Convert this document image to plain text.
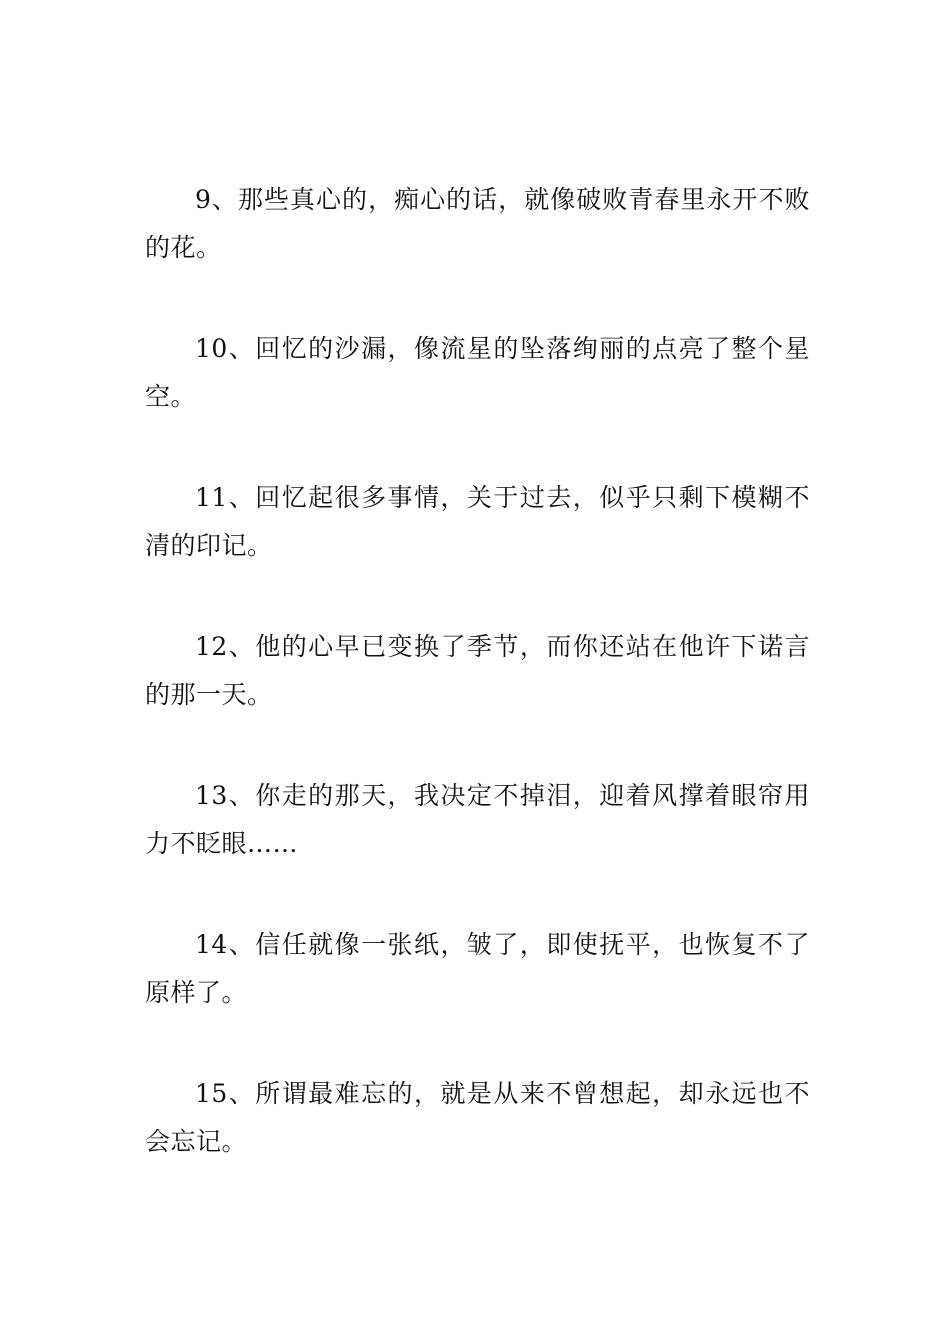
9、那些真心的，痴心的话，就像破败青春里永开不败的花。

10、回忆的沙漏，像流星的坠落绚丽的点亮了整个星空。

11、回忆起很多事情，关于过去，似乎只剩下模糊不清的印记。

12、他的心早已变换了季节，而你还站在他许下诺言的那一天。

13、你走的那天，我决定不掉泪，迎着风撑着眼帘用力不眨眼……

14、信任就像一张纸，皱了，即使抚平，也恢复不了原样了。

15、所谓最难忘的，就是从来不曾想起，却永远也不会忘记。
